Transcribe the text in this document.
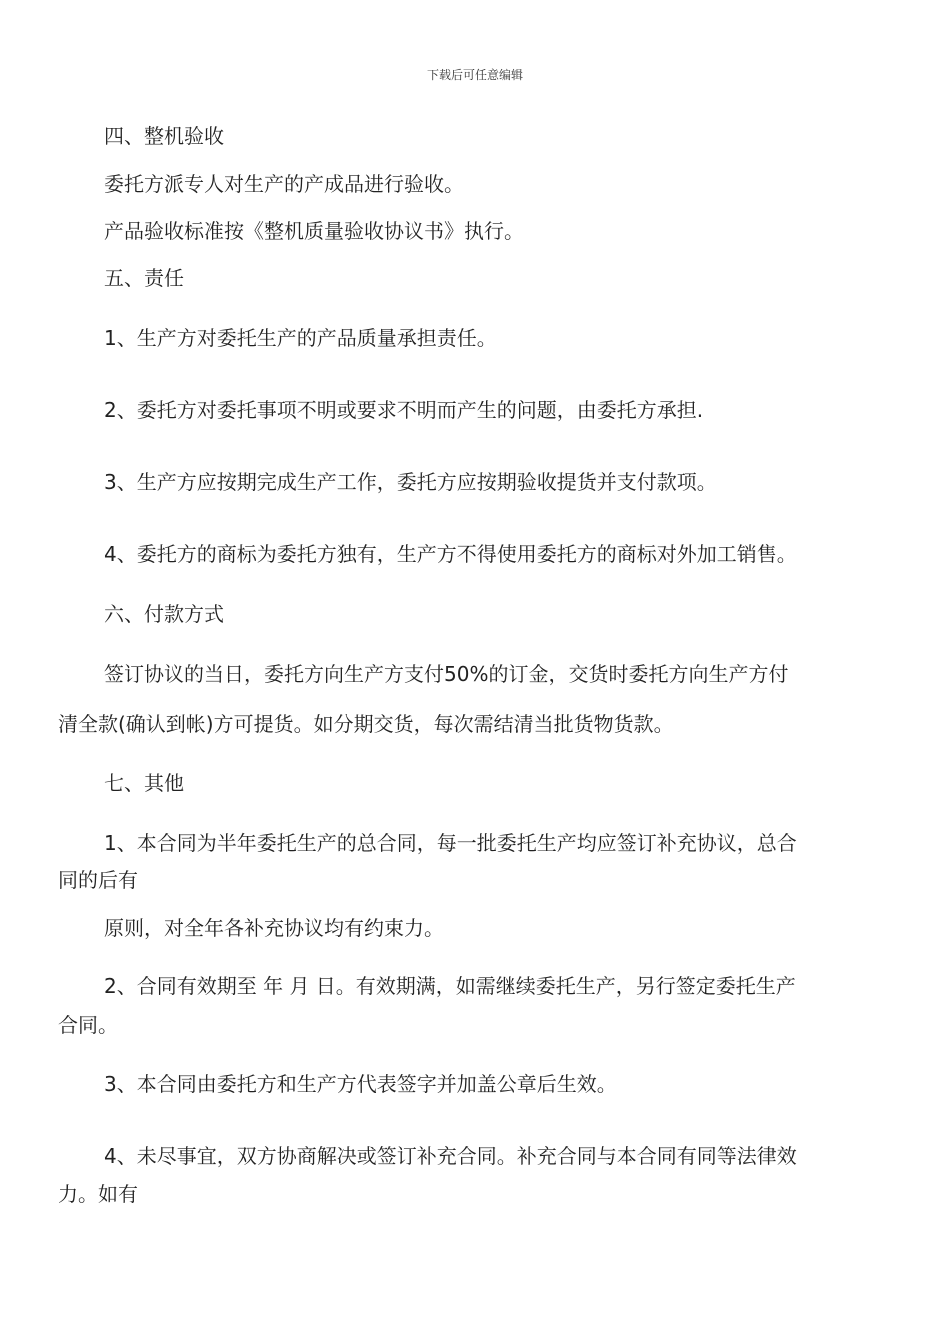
下载后可任意编辑
四、整机验收
委托方派专人对生产的产成品进行验收。
产品验收标准按《整机质量验收协议书》执行。
五、责任
1、生产方对委托生产的产品质量承担责任。
2、委托方对委托事项不明或要求不明而产生的问题，由委托方承担.
3、生产方应按期完成生产工作，委托方应按期验收提货并支付款项。
4、委托方的商标为委托方独有，生产方不得使用委托方的商标对外加工销售。
六、付款方式
签订协议的当日，委托方向生产方支付50%的订金，交货时委托方向生产方付
清全款(确认到帐)方可提货。如分期交货，每次需结清当批货物货款。
七、其他
1、本合同为半年委托生产的总合同，每一批委托生产均应签订补充协议，总合
同的后有
原则，对全年各补充协议均有约束力。
2、合同有效期至 年 月 日。有效期满，如需继续委托生产，另行签定委托生产
合同。
3、本合同由委托方和生产方代表签字并加盖公章后生效。
4、未尽事宜，双方协商解决或签订补充合同。补充合同与本合同有同等法律效
力。如有
